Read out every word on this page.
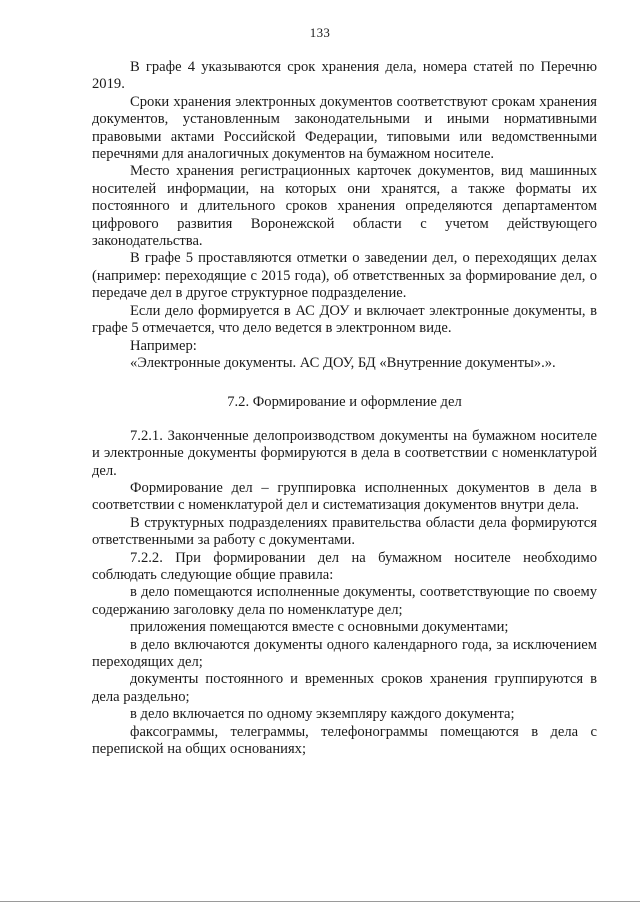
133

В графе 4 указываются срок хранения дела, номера статей по Перечню 2019.

Сроки хранения электронных документов соответствуют срокам хранения документов, установленным законодательными и иными нормативными правовыми актами Российской Федерации, типовыми или ведомственными перечнями для аналогичных документов на бумажном носителе.

Место хранения регистрационных карточек документов, вид машинных носителей информации, на которых они хранятся, а также форматы их постоянного и длительного сроков хранения определяются департаментом цифрового развития Воронежской области с учетом действующего законодательства.

В графе 5 проставляются отметки о заведении дел, о переходящих делах (например: переходящие с 2015 года), об ответственных за формирование дел, о передаче дел в другое структурное подразделение.

Если дело формируется в АС ДОУ и включает электронные документы, в графе 5 отмечается, что дело ведется в электронном виде.

Например:

«Электронные документы. АС ДОУ, БД «Внутренние документы».».

7.2. Формирование и оформление дел

7.2.1. Законченные делопроизводством документы на бумажном носителе и электронные документы формируются в дела в соответствии с номенклатурой дел.

Формирование дел – группировка исполненных документов в дела в соответствии с номенклатурой дел и систематизация документов внутри дела.

В структурных подразделениях правительства области дела формируются ответственными за работу с документами.

7.2.2. При формировании дел на бумажном носителе необходимо соблюдать следующие общие правила:

в дело помещаются исполненные документы, соответствующие по своему содержанию заголовку дела по номенклатуре дел;

приложения помещаются вместе с основными документами;

в дело включаются документы одного календарного года, за исключением переходящих дел;

документы постоянного и временных сроков хранения группируются в дела раздельно;

в дело включается по одному экземпляру каждого документа;

факсограммы, телеграммы, телефонограммы помещаются в дела с перепиской на общих основаниях;
